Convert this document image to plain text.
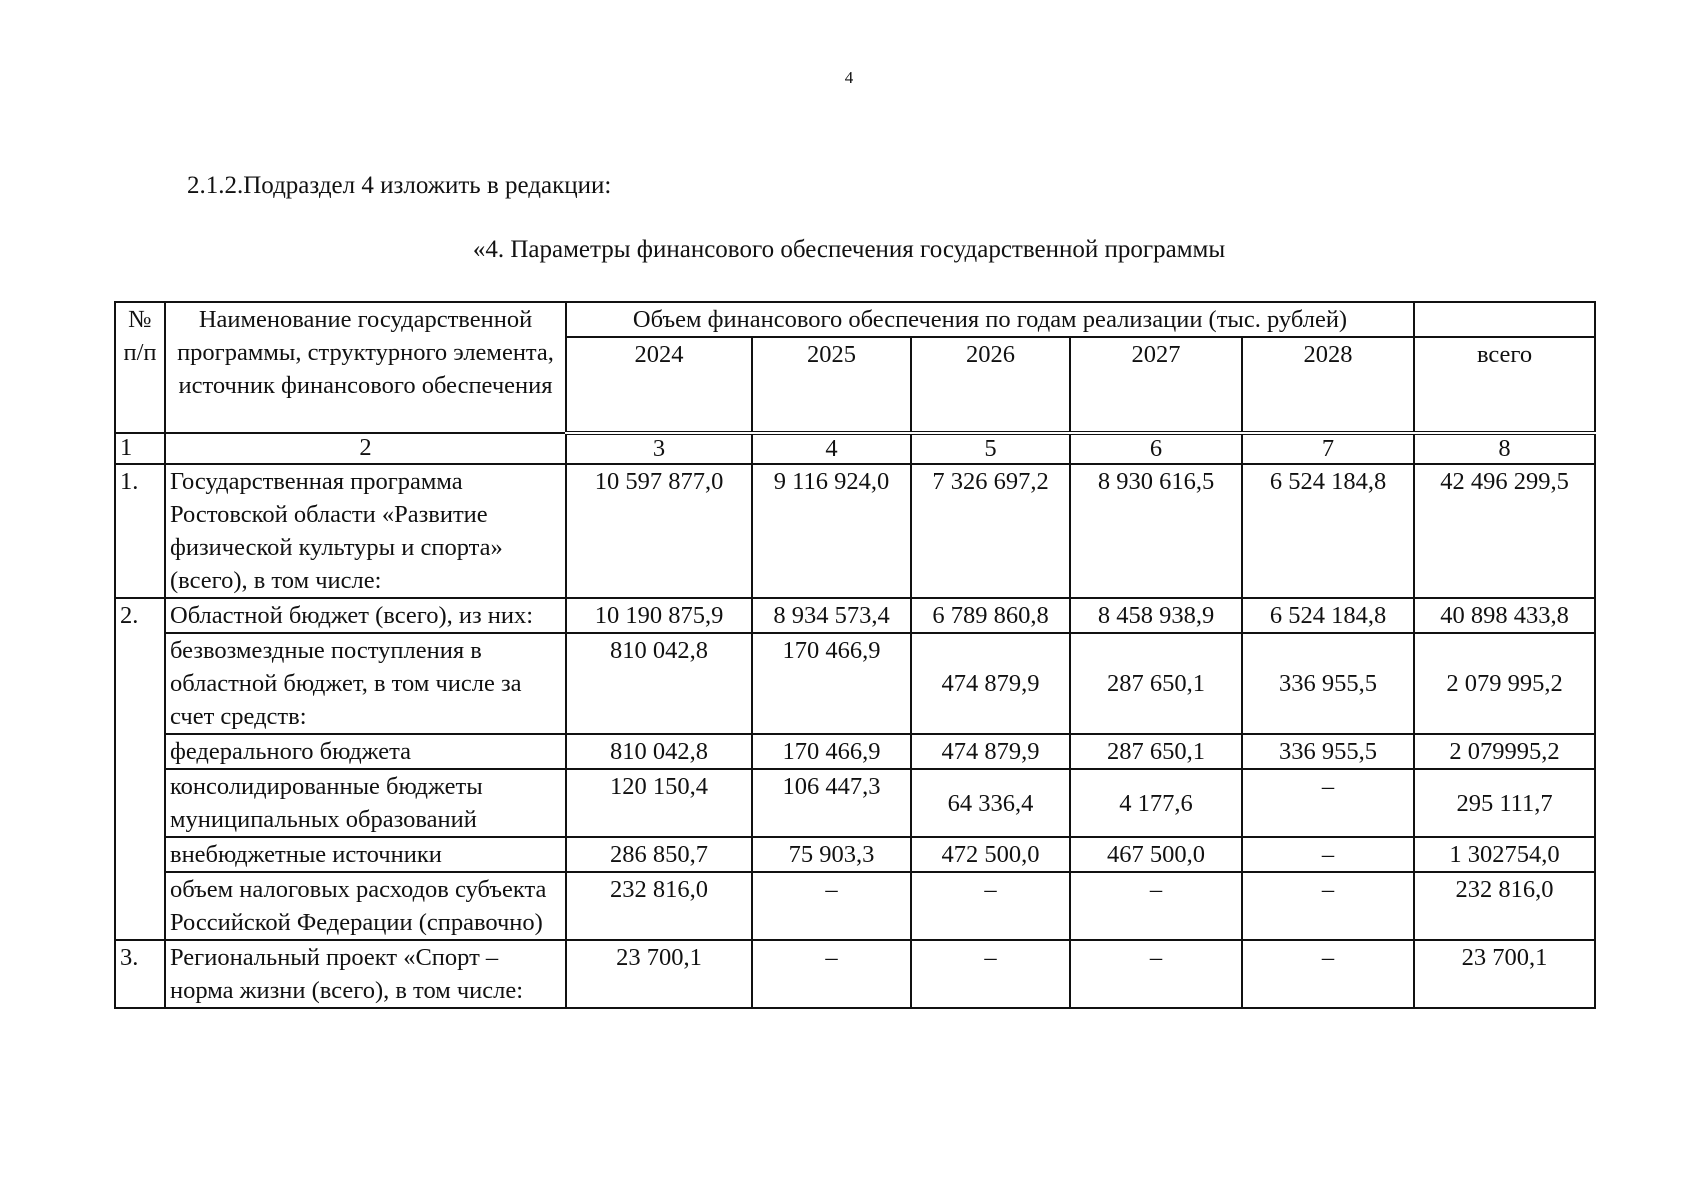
4
2.1.2.Подраздел 4 изложить в редакции:
«4. Параметры финансового обеспечения государственной программы
№ п/п	Наименование государственной программы, структурного элемента, источник финансового обеспечения	Объем финансового обеспечения по годам реализации (тыс. рублей)					
		2024	2025	2026	2027	2028	всего
1	2	3	4	5	6	7	8
1.	Государственная программа Ростовской области «Развитие физической культуры и спорта» (всего), в том числе:	10 597 877,0	9 116 924,0	7 326 697,2	8 930 616,5	6 524 184,8	42 496 299,5
2.	Областной бюджет (всего), из них:	10 190 875,9	8 934 573,4	6 789 860,8	8 458 938,9	6 524 184,8	40 898 433,8
	безвозмездные поступления в областной бюджет, в том числе за счет средств:	810 042,8	170 466,9	474 879,9	287 650,1	336 955,5	2 079 995,2
	федерального бюджета	810 042,8	170 466,9	474 879,9	287 650,1	336 955,5	2 079995,2
	консолидированные бюджеты муниципальных образований	120 150,4	106 447,3	64 336,4	4 177,6	–	295 111,7
	внебюджетные источники	286 850,7	75 903,3	472 500,0	467 500,0	–	1 302754,0
	объем налоговых расходов субъекта Российской Федерации (справочно)	232 816,0	–	–	–	–	232 816,0
3.	Региональный проект «Спорт – норма жизни (всего), в том числе:	23 700,1	–	–	–	–	23 700,1
